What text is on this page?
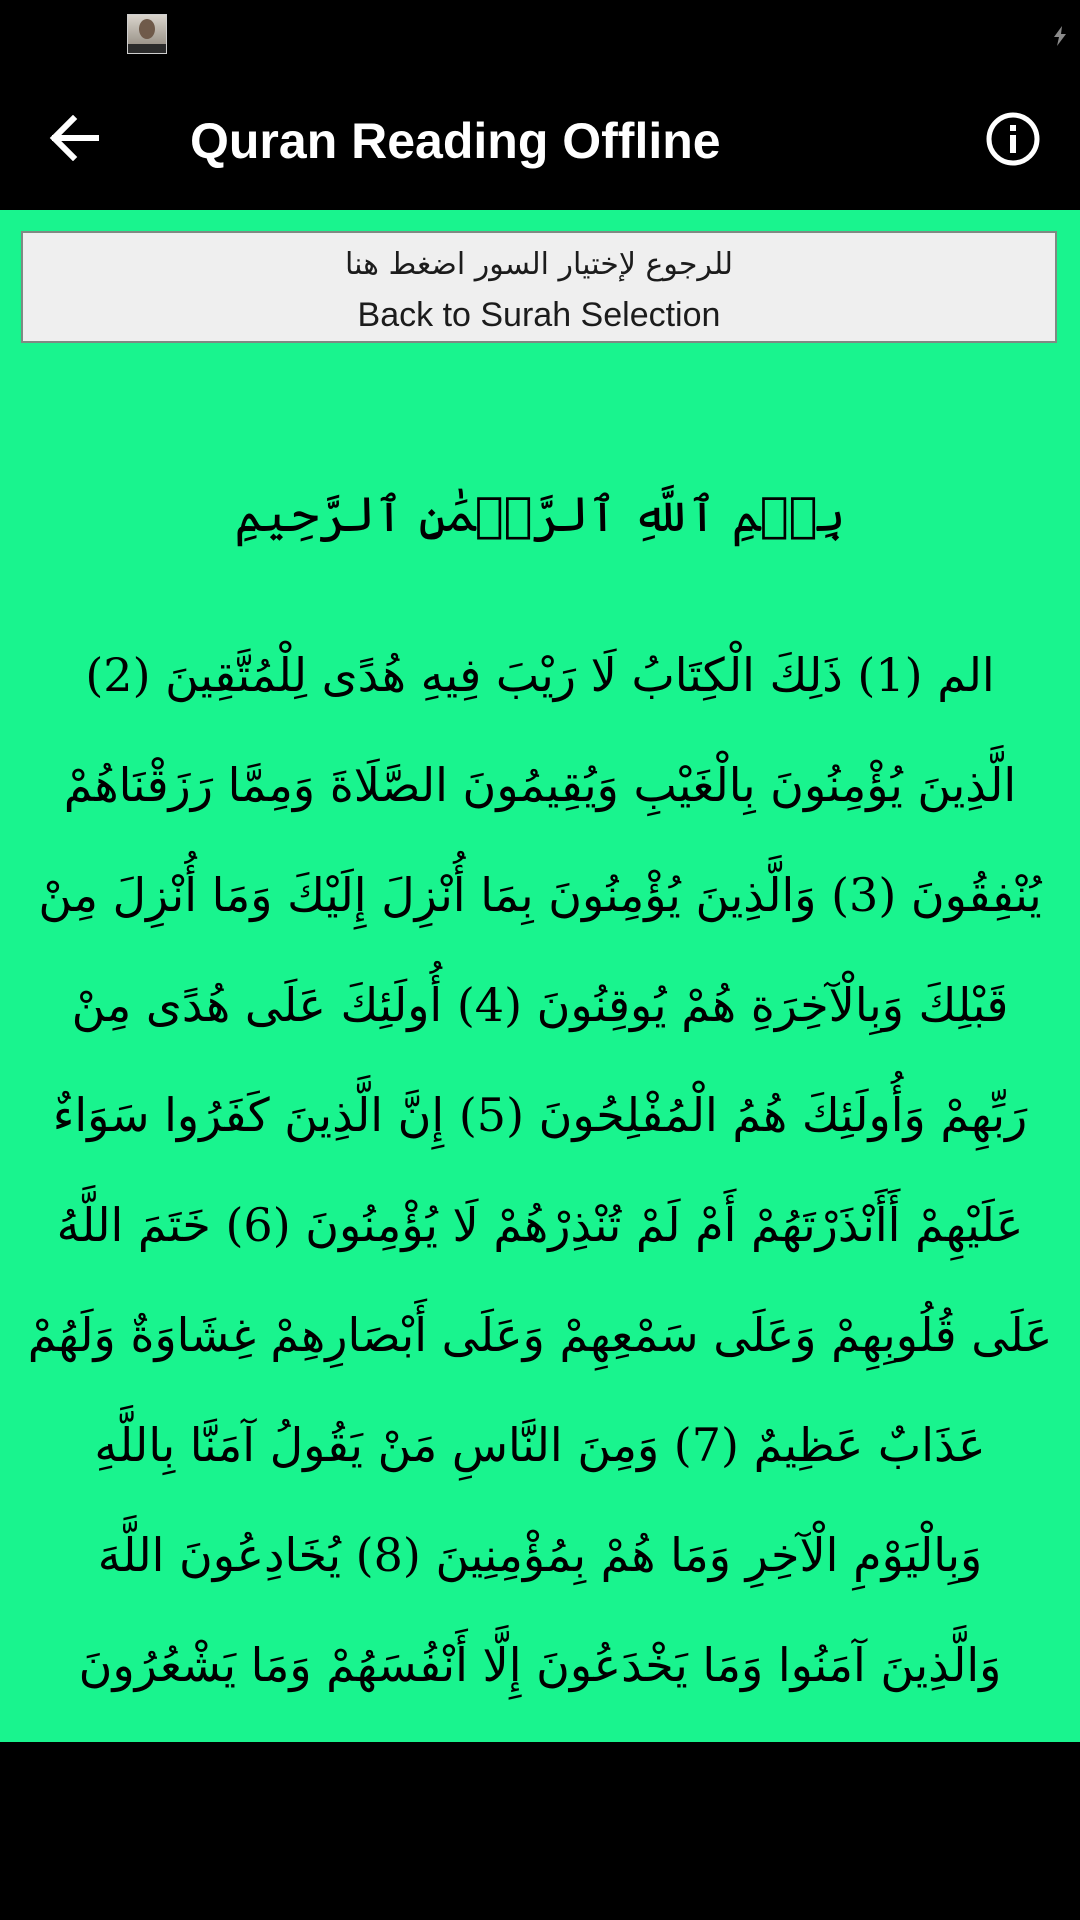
Quran Reading Offline
للرجوع لإختيار السور اضغط هنا
Back to Surah Selection
بِسۡمِ ٱللَّهِ ٱلرَّحۡمَٰنِ ٱلرَّحِيمِ
الم (1) ذَلِكَ الْكِتَابُ لَا رَيْبَ فِيهِ هُدًى لِلْمُتَّقِينَ (2)
الَّذِينَ يُؤْمِنُونَ بِالْغَيْبِ وَيُقِيمُونَ الصَّلَاةَ وَمِمَّا رَزَقْنَاهُمْ
يُنْفِقُونَ (3) وَالَّذِينَ يُؤْمِنُونَ بِمَا أُنْزِلَ إِلَيْكَ وَمَا أُنْزِلَ مِنْ
قَبْلِكَ وَبِالْآخِرَةِ هُمْ يُوقِنُونَ (4) أُولَئِكَ عَلَى هُدًى مِنْ
رَبِّهِمْ وَأُولَئِكَ هُمُ الْمُفْلِحُونَ (5) إِنَّ الَّذِينَ كَفَرُوا سَوَاءٌ
عَلَيْهِمْ أَأَنْذَرْتَهُمْ أَمْ لَمْ تُنْذِرْهُمْ لَا يُؤْمِنُونَ (6) خَتَمَ اللَّهُ
عَلَى قُلُوبِهِمْ وَعَلَى سَمْعِهِمْ وَعَلَى أَبْصَارِهِمْ غِشَاوَةٌ وَلَهُمْ
عَذَابٌ عَظِيمٌ (7) وَمِنَ النَّاسِ مَنْ يَقُولُ آمَنَّا بِاللَّهِ
وَبِالْيَوْمِ الْآخِرِ وَمَا هُمْ بِمُؤْمِنِينَ (8) يُخَادِعُونَ اللَّهَ
وَالَّذِينَ آمَنُوا وَمَا يَخْدَعُونَ إِلَّا أَنْفُسَهُمْ وَمَا يَشْعُرُونَ
